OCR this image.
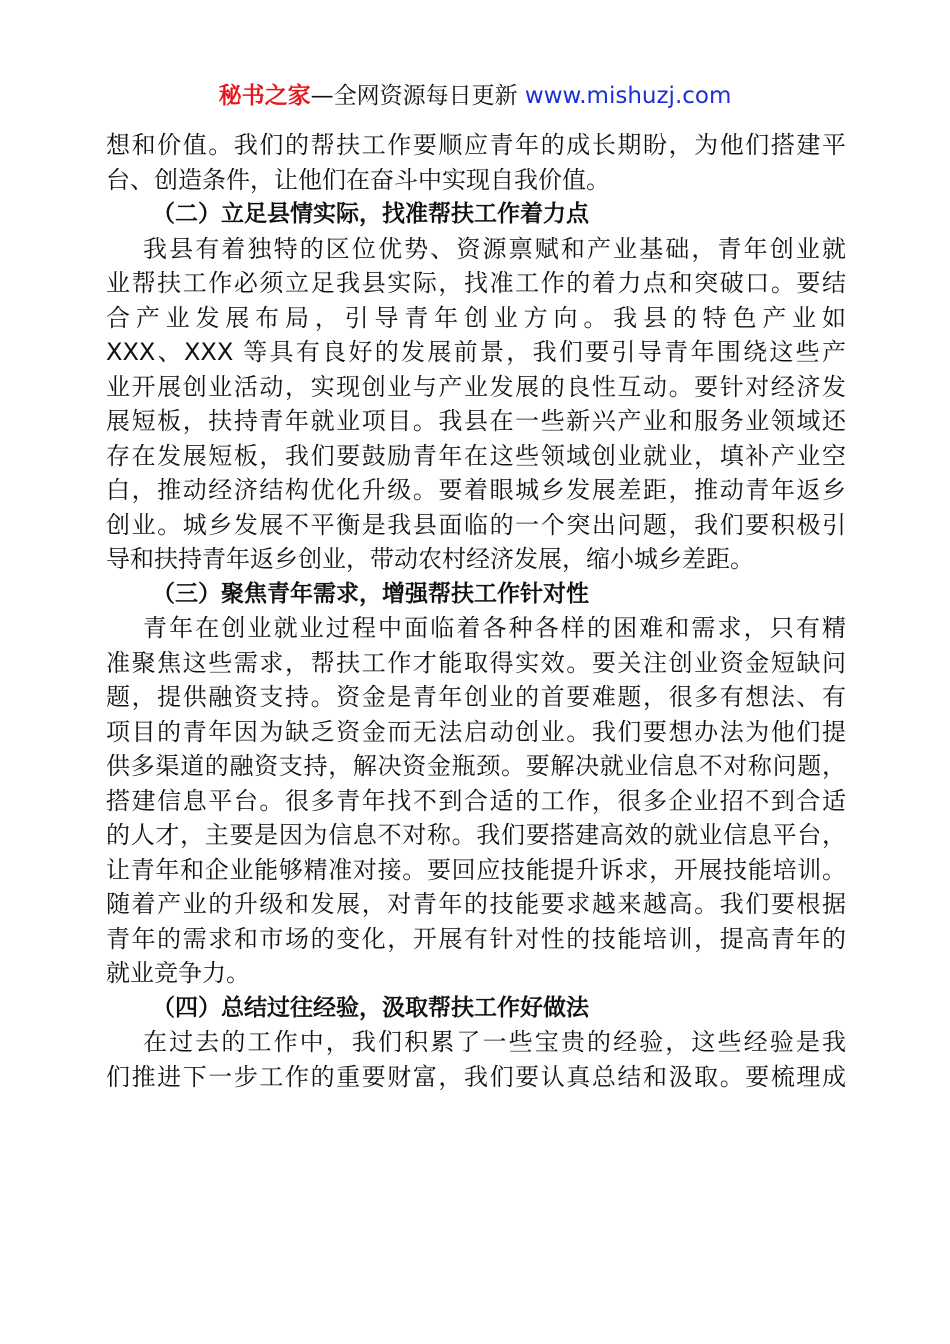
秘书之家—全网资源每日更新 www.mishuzj.com
想和价值。我们的帮扶工作要顺应青年的成长期盼，为他们搭建平
台、创造条件，让他们在奋斗中实现自我价值。
（二）立足县情实际，找准帮扶工作着力点
我县有着独特的区位优势、资源禀赋和产业基础，青年创业就
业帮扶工作必须立足我县实际，找准工作的着力点和突破口。要结
合产业发展布局，引导青年创业方向。我县的特色产业如
XXX、XXX 等具有良好的发展前景，我们要引导青年围绕这些产
业开展创业活动，实现创业与产业发展的良性互动。要针对经济发
展短板，扶持青年就业项目。我县在一些新兴产业和服务业领域还
存在发展短板，我们要鼓励青年在这些领域创业就业，填补产业空
白，推动经济结构优化升级。要着眼城乡发展差距，推动青年返乡
创业。城乡发展不平衡是我县面临的一个突出问题，我们要积极引
导和扶持青年返乡创业，带动农村经济发展，缩小城乡差距。
（三）聚焦青年需求，增强帮扶工作针对性
青年在创业就业过程中面临着各种各样的困难和需求，只有精
准聚焦这些需求，帮扶工作才能取得实效。要关注创业资金短缺问
题，提供融资支持。资金是青年创业的首要难题，很多有想法、有
项目的青年因为缺乏资金而无法启动创业。我们要想办法为他们提
供多渠道的融资支持，解决资金瓶颈。要解决就业信息不对称问题，
搭建信息平台。很多青年找不到合适的工作，很多企业招不到合适
的人才，主要是因为信息不对称。我们要搭建高效的就业信息平台，
让青年和企业能够精准对接。要回应技能提升诉求，开展技能培训。
随着产业的升级和发展，对青年的技能要求越来越高。我们要根据
青年的需求和市场的变化，开展有针对性的技能培训，提高青年的
就业竞争力。
（四）总结过往经验，汲取帮扶工作好做法
在过去的工作中，我们积累了一些宝贵的经验，这些经验是我
们推进下一步工作的重要财富，我们要认真总结和汲取。要梳理成
